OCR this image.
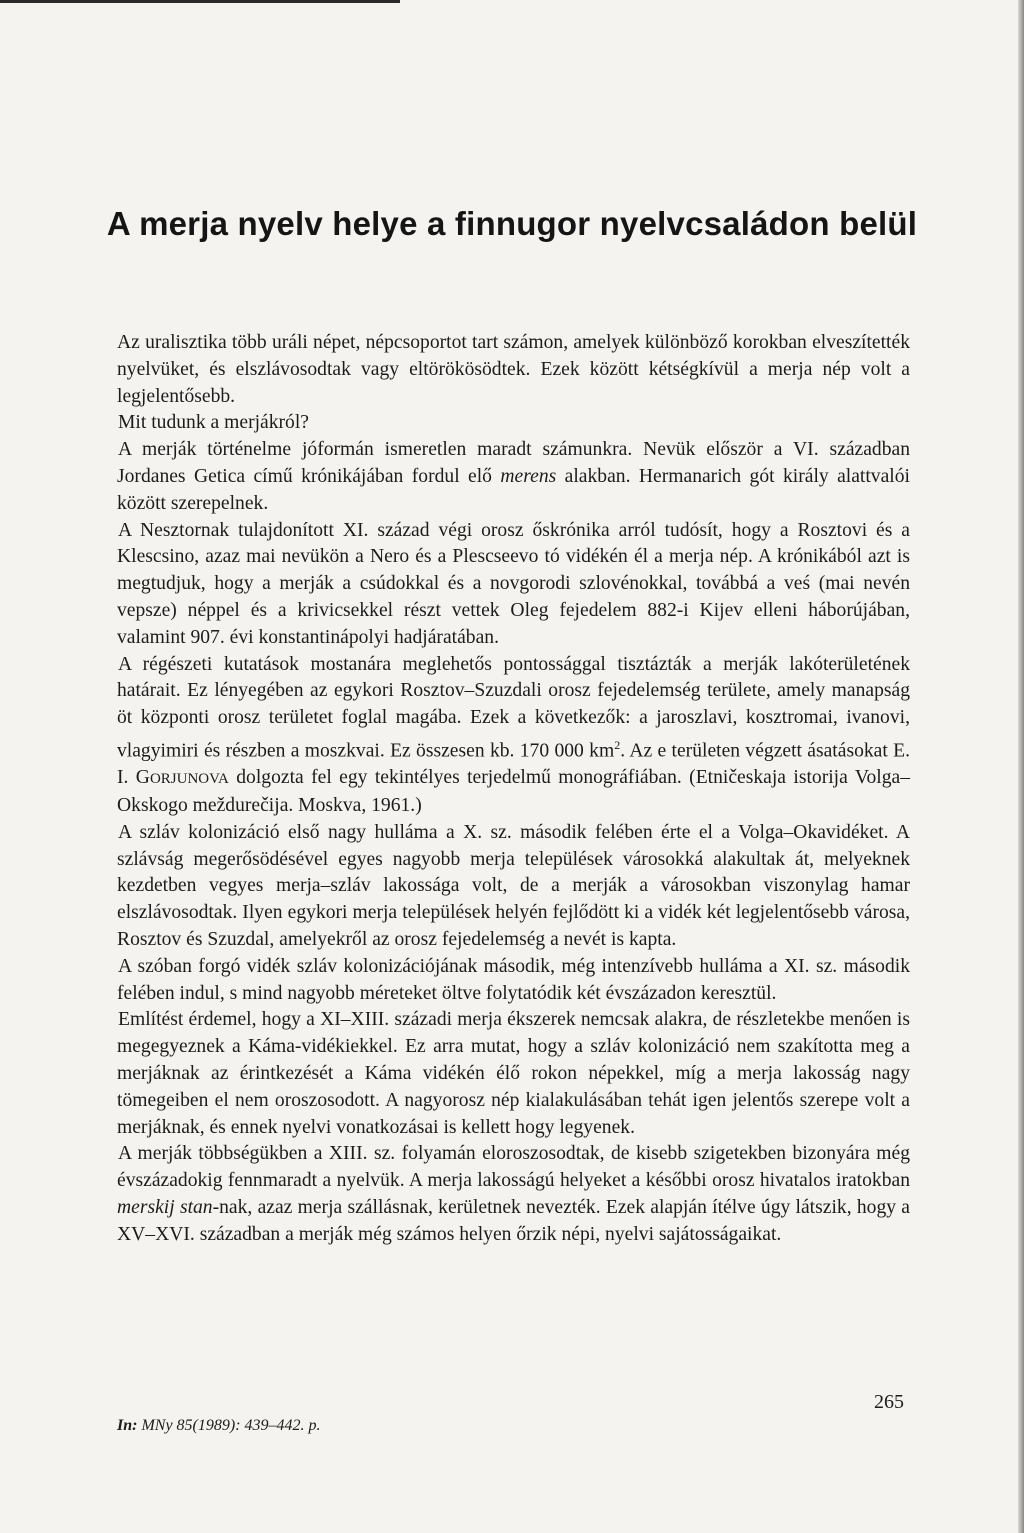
A merja nyelv helye a finnugor nyelvcsaládon belül

Az uralisztika több uráli népet, népcsoportot tart számon, amelyek különböző korokban elveszítették nyelvüket, és elszlávosodtak vagy eltörökösödtek. Ezek között kétségkívül a merja nép volt a legjelentősebb.

Mit tudunk a merjákról?

A merják történelme jóformán ismeretlen maradt számunkra. Nevük először a VI. században Jordanes Getica című krónikájában fordul elő merens alakban. Hermanarich gót király alattvalói között szerepelnek.

A Nesztornak tulajdonított XI. század végi orosz őskrónika arról tudósít, hogy a Rosztovi és a Klescsino, azaz mai nevükön a Nero és a Plescseevo tó vidékén él a merja nép. A krónikából azt is megtudjuk, hogy a merják a csúdokkal és a novgorodi szlovénokkal, továbbá a veś (mai nevén vepsze) néppel és a krivicsekkel részt vettek Oleg fejedelem 882-i Kijev elleni háborújában, valamint 907. évi konstantinápolyi hadjáratában.

A régészeti kutatások mostanára meglehetős pontossággal tisztázták a merják lakóterületének határait. Ez lényegében az egykori Rosztov–Szuzdali orosz fejedelemség területe, amely manapság öt központi orosz területet foglal magába. Ezek a következők: a jaroszlavi, kosztromai, ivanovi, vlagyimiri és részben a moszkvai. Ez összesen kb. 170 000 $km^2$. Az e területen végzett ásatásokat E. I. GORJUNOVA dolgozta fel egy tekintélyes terjedelmű monográfiában. (Etničeskaja istorija Volga–Okskogo meždurečija. Moskva, 1961.)

A szláv kolonizáció első nagy hulláma a X. sz. második felében érte el a Volga–Okavidéket. A szlávság megerősödésével egyes nagyobb merja települések városokká alakultak át, melyeknek kezdetben vegyes merja–szláv lakossága volt, de a merják a városokban viszonylag hamar elszlávosodtak. Ilyen egykori merja települések helyén fejlődött ki a vidék két legjelentősebb városa, Rosztov és Szuzdal, amelyekről az orosz fejedelemség a nevét is kapta.

A szóban forgó vidék szláv kolonizációjának második, még intenzívebb hulláma a XI. sz. második felében indul, s mind nagyobb méreteket öltve folytatódik két évszázadon keresztül.

Említést érdemel, hogy a XI–XIII. századi merja ékszerek nemcsak alakra, de részletekbe menően is megegyeznek a Káma-vidékiekkel. Ez arra mutat, hogy a szláv kolonizáció nem szakította meg a merjáknak az érintkezését a Káma vidékén élő rokon népekkel, míg a merja lakosság nagy tömegeiben el nem oroszosodott. A nagyorosz nép kialakulásában tehát igen jelentős szerepe volt a merjáknak, és ennek nyelvi vonatkozásai is kellett hogy legyenek.

A merják többségükben a XIII. sz. folyamán eloroszosodtak, de kisebb szigetekben bizonyára még évszázadokig fennmaradt a nyelvük. A merja lakosságú helyeket a későbbi orosz hivatalos iratokban merskij stan-nak, azaz merja szállásnak, kerületnek nevezték. Ezek alapján ítélve úgy látszik, hogy a XV–XVI. században a merják még számos helyen őrzik népi, nyelvi sajátosságaikat.

265
In: MNy 85(1989): 439–442. p.
